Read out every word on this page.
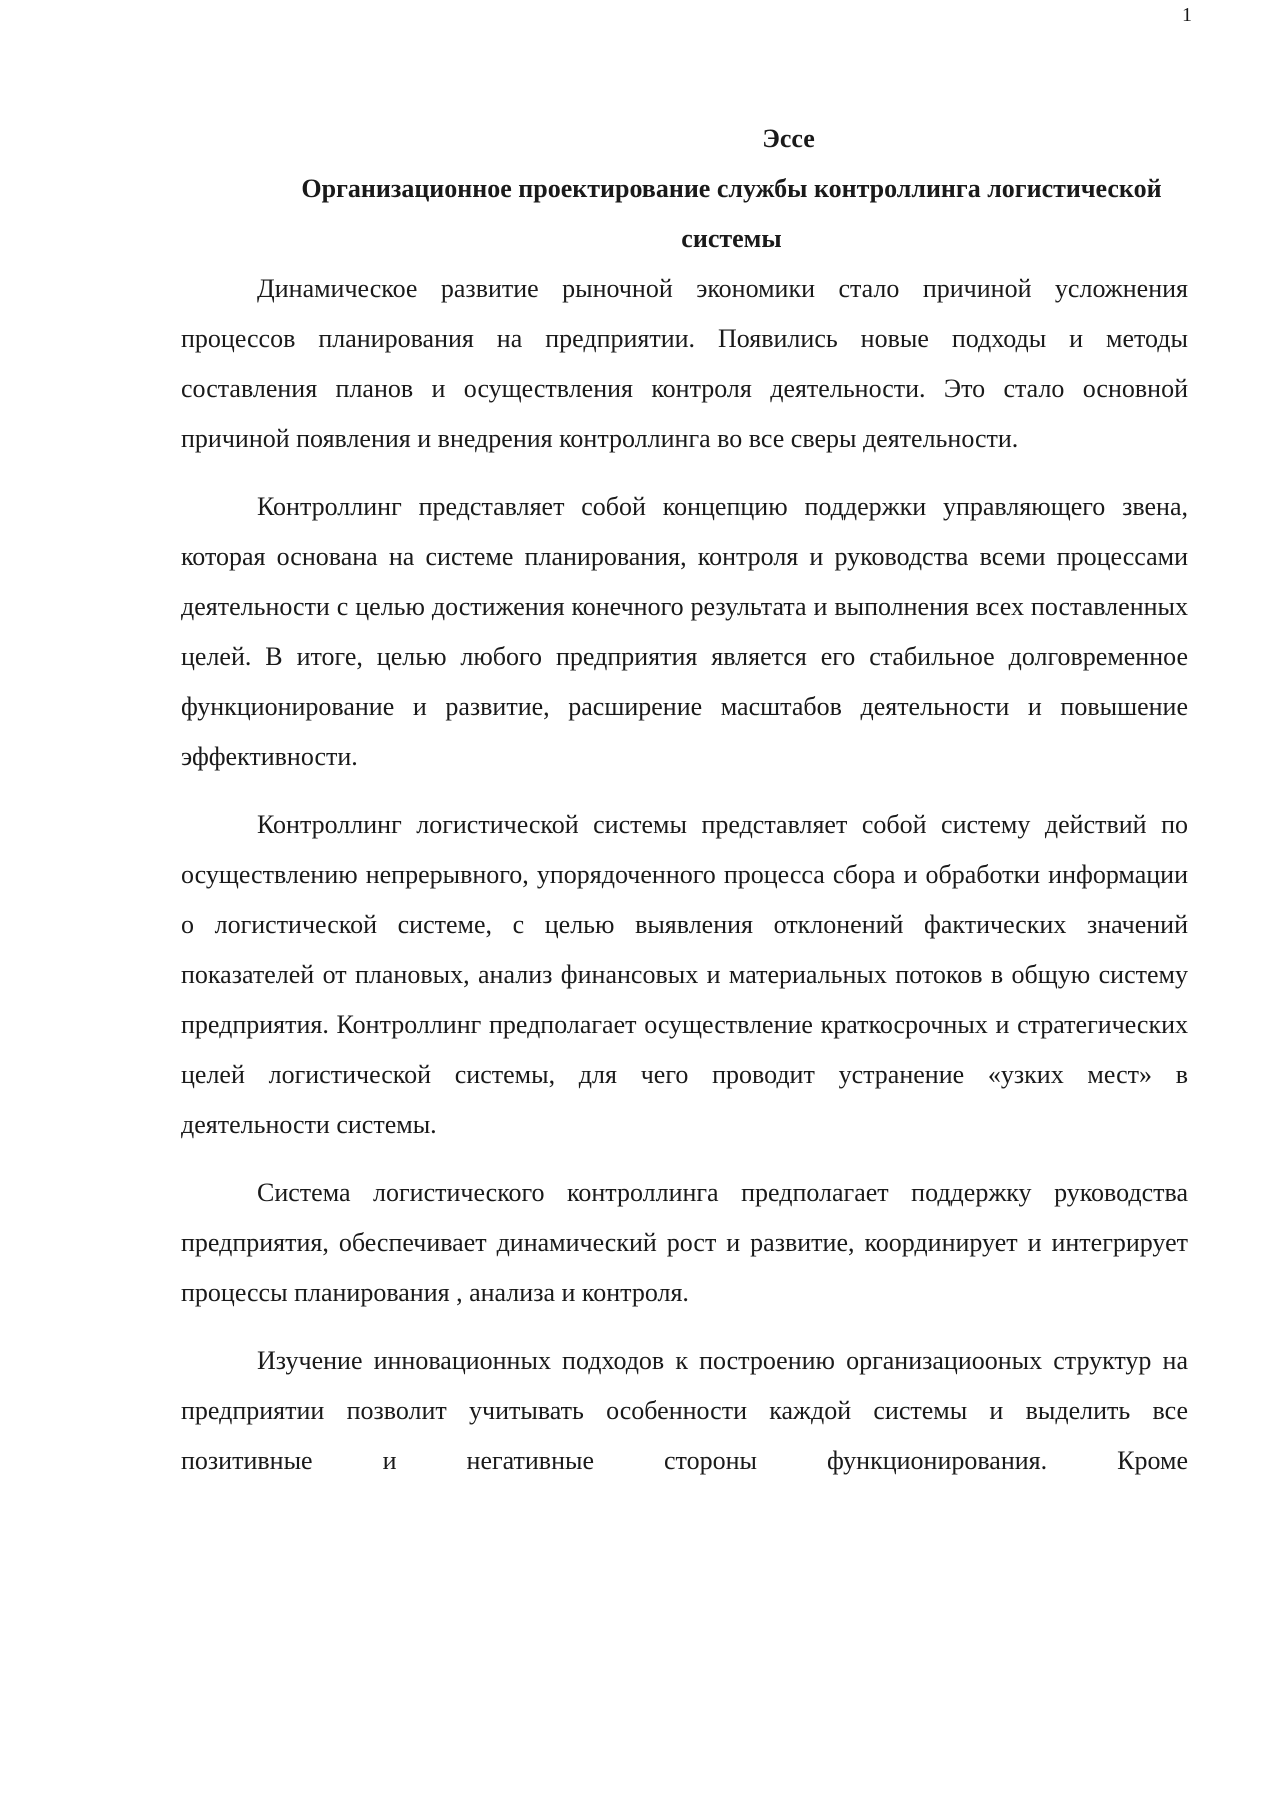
1
Эссе
Организационное проектирование службы контроллинга логистической системы

Динамическое развитие рыночной экономики стало причиной усложнения процессов планирования на предприятии. Появились новые подходы и методы составления планов и осуществления контроля деятельности. Это стало основной причиной появления и внедрения контроллинга во все сверы деятельности.

Контроллинг представляет собой концепцию поддержки управляющего звена, которая основана на системе планирования, контроля и руководства всеми процессами деятельности с целью достижения конечного результата и выполнения всех поставленных целей. В итоге, целью любого предприятия является его стабильное долговременное функционирование и развитие, расширение масштабов деятельности и повышение эффективности.

Контроллинг логистической системы представляет собой систему действий по осуществлению непрерывного, упорядоченного процесса сбора и обработки информации о логистической системе, с целью выявления отклонений фактических значений показателей от плановых, анализ финансовых и материальных потоков в общую систему предприятия. Контроллинг предполагает осуществление краткосрочных и стратегических целей логистической системы, для чего проводит устранение «узких мест» в деятельности системы.

Система логистического контроллинга предполагает поддержку руководства предприятия, обеспечивает динамический рост и развитие, координирует и интегрирует процессы планирования , анализа и контроля.

Изучение инновационных подходов к построению организациооных структур на предприятии позволит учитывать особенности каждой системы и выделить все позитивные и негативные стороны функционирования. Кроме
